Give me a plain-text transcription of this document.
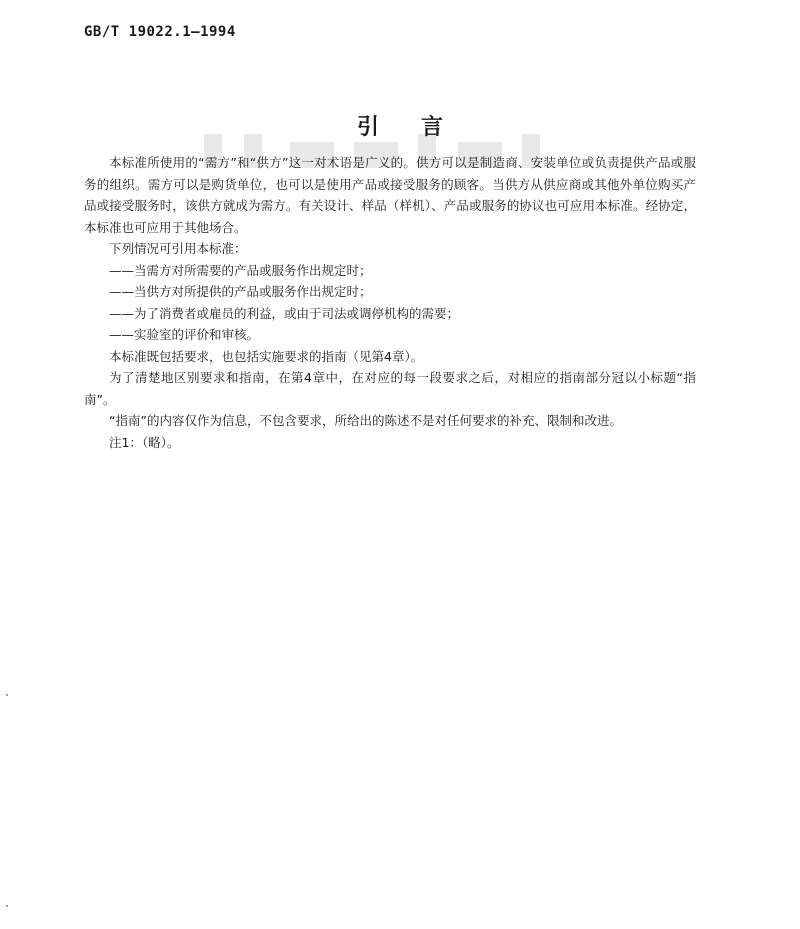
GB/T 19022.1—1994
引言

本标准所使用的“需方”和“供方”这一对术语是广义的。供方可以是制造商、安装单位或负责提供产品或服务的组织。需方可以是购货单位，也可以是使用产品或接受服务的顾客。当供方从供应商或其他外单位购买产品或接受服务时，该供方就成为需方。有关设计、样品（样机）、产品或服务的协议也可应用本标准。经协定，本标准也可应用于其他场合。

下列情况可引用本标准：

——当需方对所需要的产品或服务作出规定时；

——当供方对所提供的产品或服务作出规定时；

——为了消费者或雇员的利益，或由于司法或调停机构的需要；

——实验室的评价和审核。

本标准既包括要求，也包括实施要求的指南（见第4章）。

为了清楚地区别要求和指南，在第4章中，在对应的每一段要求之后，对相应的指南部分冠以小标题“指南”。

“指南”的内容仅作为信息，不包含要求，所给出的陈述不是对任何要求的补充、限制和改进。

注1：（略）。
